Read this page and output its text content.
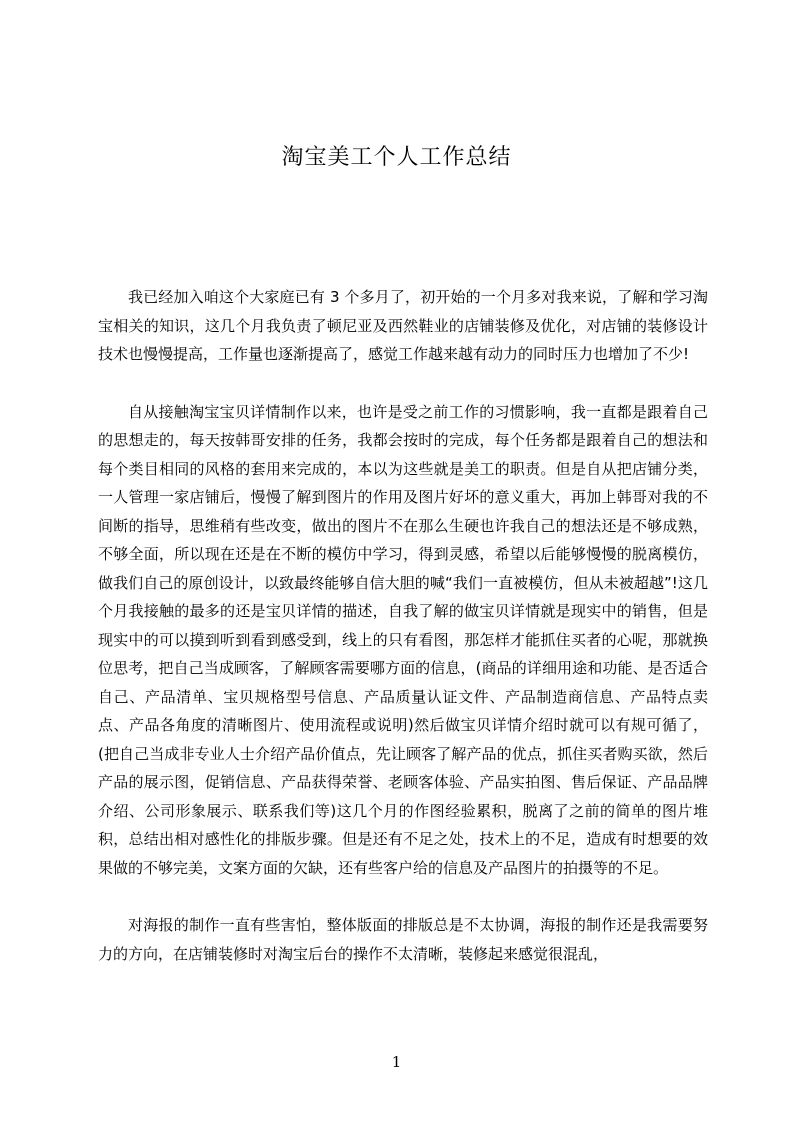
淘宝美工个人工作总结

我已经加入咱这个大家庭已有 3 个多月了，初开始的一个月多对我来说，了解和学习淘宝相关的知识，这几个月我负责了顿尼亚及西然鞋业的店铺装修及优化，对店铺的装修设计技术也慢慢提高，工作量也逐渐提高了，感觉工作越来越有动力的同时压力也增加了不少!

自从接触淘宝宝贝详情制作以来，也许是受之前工作的习惯影响，我一直都是跟着自己的思想走的，每天按韩哥安排的任务，我都会按时的完成，每个任务都是跟着自己的想法和每个类目相同的风格的套用来完成的，本以为这些就是美工的职责。但是自从把店铺分类，一人管理一家店铺后，慢慢了解到图片的作用及图片好坏的意义重大，再加上韩哥对我的不间断的指导，思维稍有些改变，做出的图片不在那么生硬也许我自己的想法还是不够成熟，不够全面，所以现在还是在不断的模仿中学习，得到灵感，希望以后能够慢慢的脱离模仿，做我们自己的原创设计，以致最终能够自信大胆的喊“我们一直被模仿，但从未被超越”!这几个月我接触的最多的还是宝贝详情的描述，自我了解的做宝贝详情就是现实中的销售，但是现实中的可以摸到听到看到感受到，线上的只有看图，那怎样才能抓住买者的心呢，那就换位思考，把自己当成顾客，了解顾客需要哪方面的信息，(商品的详细用途和功能、是否适合自己、产品清单、宝贝规格型号信息、产品质量认证文件、产品制造商信息、产品特点卖点、产品各角度的清晰图片、使用流程或说明)然后做宝贝详情介绍时就可以有规可循了，(把自己当成非专业人士介绍产品价值点，先让顾客了解产品的优点，抓住买者购买欲，然后产品的展示图，促销信息、产品获得荣誉、老顾客体验、产品实拍图、售后保证、产品品牌介绍、公司形象展示、联系我们等)这几个月的作图经验累积，脱离了之前的简单的图片堆积，总结出相对感性化的排版步骤。但是还有不足之处，技术上的不足，造成有时想要的效果做的不够完美，文案方面的欠缺，还有些客户给的信息及产品图片的拍摄等的不足。

对海报的制作一直有些害怕，整体版面的排版总是不太协调，海报的制作还是我需要努力的方向，在店铺装修时对淘宝后台的操作不太清晰，装修起来感觉很混乱，

1
